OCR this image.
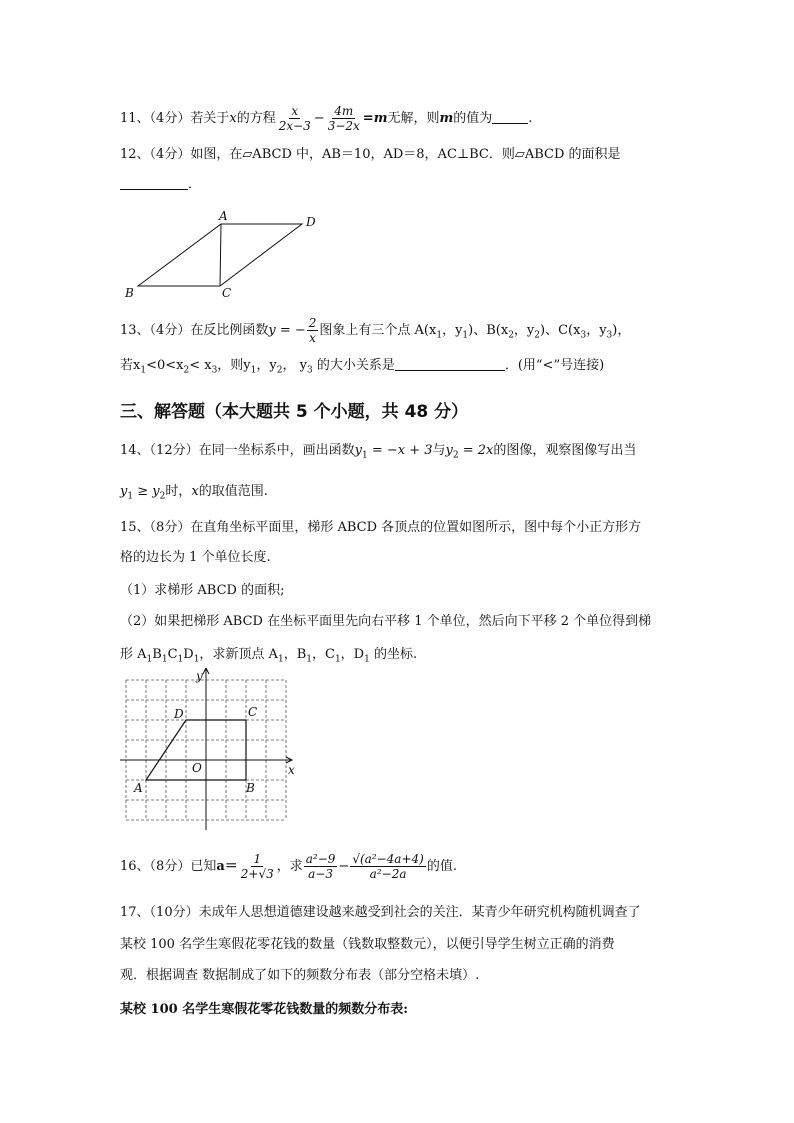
11、（4分）若关于x的方程 $\frac{x}{2x-3} - \frac{4m}{3-2x} =m$无解，则m的值为	.
12、（4分）如图，在▱ABCD 中，AB＝10，AD＝8，AC⊥BC．则▱ABCD 的面积是
．
A	D
B	C
13、（4分）在反比例函数y = − $\frac{2}{x}$ 图象上有三个点 $A(x_1$，$y_1$)、$B(x_2$，$y_2$)、$C(x_3$，$y_3$)，
若$x_1<0<x_2< x_3$，则$y_1$，$y_2$， $y_3$ 的大小关系是	．(用“<”号连接)
三、解答题（本大题共 5 个小题，共 48 分）
14、（12分）在同一坐标系中，画出函数$y_1 = -x + 3$与$y_2 = 2x$的图像，观察图像写出当
$y_1 \ge y_2$时，x的取值范围.
15、（8分）在直角坐标平面里，梯形 ABCD 各顶点的位置如图所示，图中每个小正方形方
格的边长为 1 个单位长度.
（1）求梯形 ABCD 的面积;
（2）如果把梯形 ABCD 在坐标平面里先向右平移 1 个单位，然后向下平移 2 个单位得到梯
形 $A_1B_1C_1D_1$，求新顶点 $A_1$，$B_1$，$C_1$，$D_1$ 的坐标.
y
x
O
A	B
C
D
16、（8分）已知$a= \frac{1}{2+√3}$ ，求 $\frac{\text{a²−9}}{a-3} - \frac{\text{√(a²−4a+4)}}{\text{a²−2a}}$ 的值.
17、（10分）未成年人思想道德建设越来越受到社会的关注．某青少年研究机构随机调查了
某校 100 名学生寒假花零花钱的数量（钱数取整数元），以便引导学生树立正确的消费
观．根据调查 数据制成了如下的频数分布表（部分空格未填）.
某校 100 名学生寒假花零花钱数量的频数分布表:
